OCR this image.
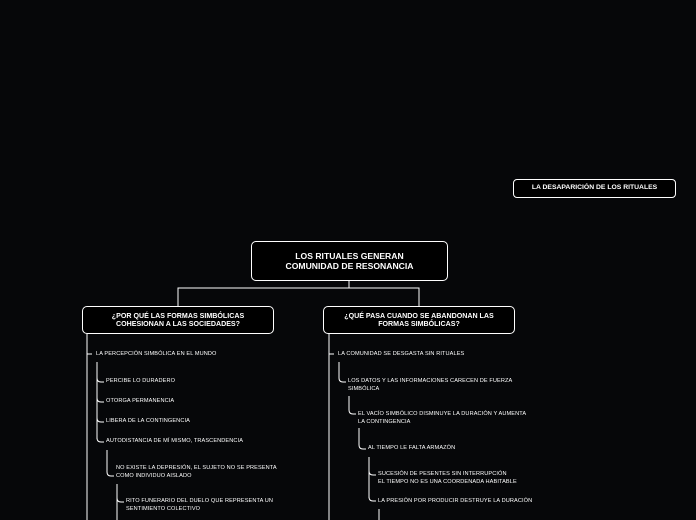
LA DESAPARICIÓN DE LOS RITUALES
LOS RITUALES GENERAN
COMUNIDAD DE RESONANCIA
¿POR QUÉ LAS FORMAS SIMBÓLICAS
COHESIONAN A LAS SOCIEDADES?
¿QUÉ PASA CUANDO SE ABANDONAN LAS
FORMAS SIMBÓLICAS?
LA PERCEPCIÓN SIMBÓLICA EN EL MUNDO
PERCIBE LO DURADERO
OTORGA PERMANENCIA
LIBERA DE LA CONTINGENCIA
AUTODISTANCIA DE MÍ MISMO, TRASCENDENCIA
NO EXISTE LA DEPRESIÓN, EL SUJETO NO SE PRESENTA
COMO INDIVIDUO AISLADO
RITO FUNERARIO DEL DUELO QUE REPRESENTA UN
SENTIMIENTO COLECTIVO
LA COMUNIDAD SE DESGASTA SIN RITUALES
LOS DATOS Y LAS INFORMACIONES CARECEN DE FUERZA
SIMBÓLICA
EL VACÍO SIMBÓLICO DISMINUYE LA DURACIÓN Y AUMENTA
LA CONTINGENCIA
AL TIEMPO LE FALTA ARMAZÓN
SUCESIÓN DE PESENTES SIN INTERRUPCIÓN
EL TIEMPO NO ES UNA COORDENADA HABITABLE
LA PRESIÓN POR PRODUCIR DESTRUYE LA DURACIÓN
